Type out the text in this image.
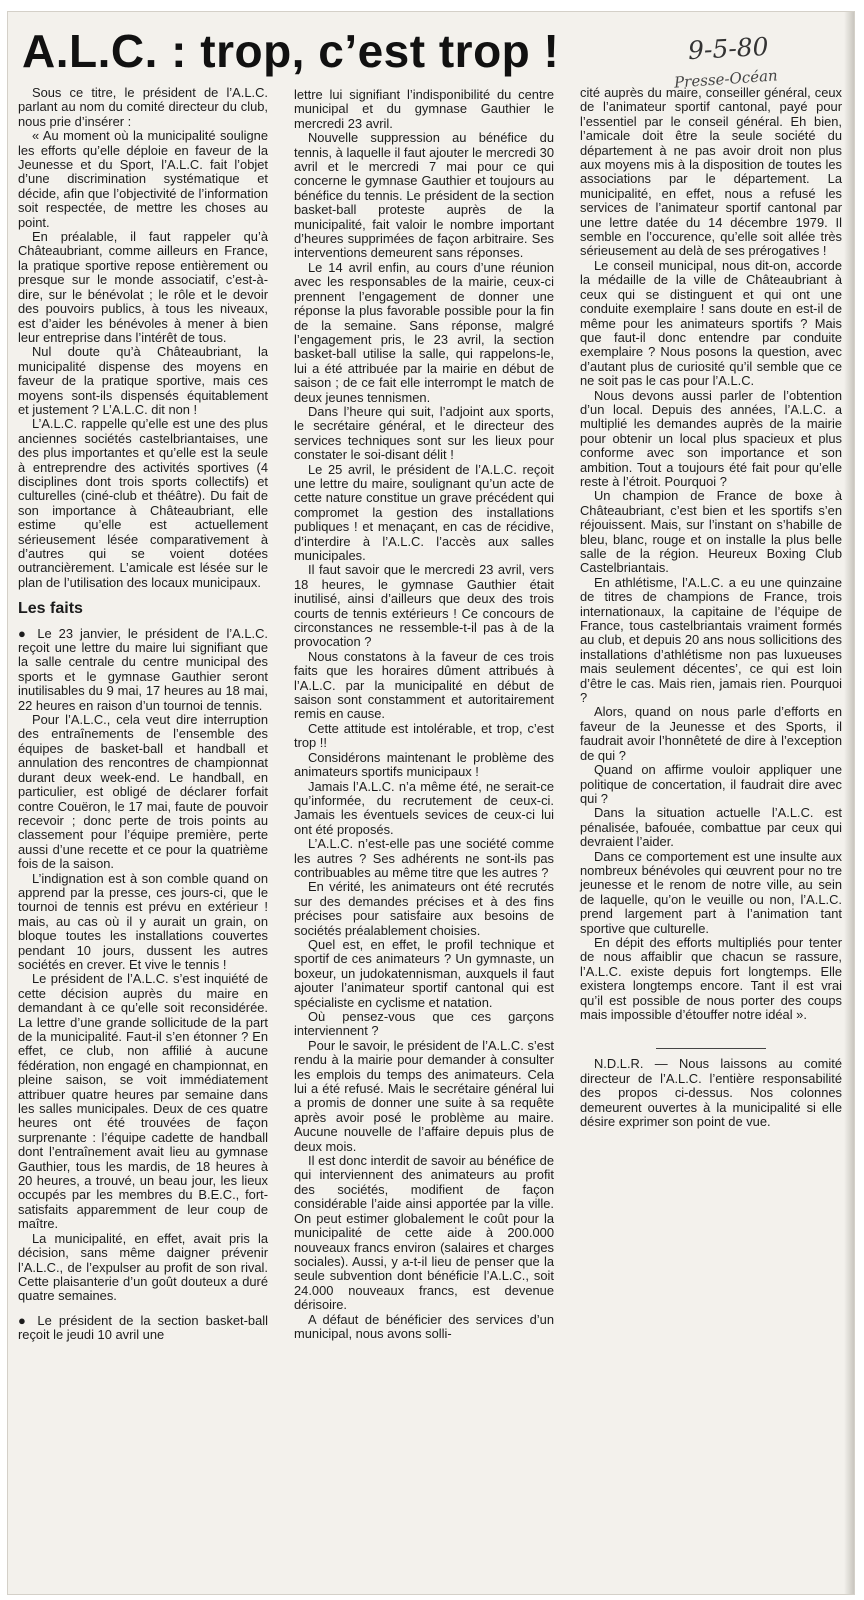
A.L.C. : trop, c’est trop !	9-5-80
Presse-Océan

Sous ce titre, le président de l’A.L.C. parlant au nom du comité directeur du club, nous prie d’insérer :

« Au moment où la municipalité souligne les efforts qu’elle déploie en faveur de la Jeunesse et du Sport, l’A.L.C. fait l’objet d’une discrimination systématique et décide, afin que l’objectivité de l’information soit respectée, de mettre les choses au point.

En préalable, il faut rappeler qu’à Châteaubriant, comme ailleurs en France, la pratique sportive repose entièrement ou presque sur le monde associatif, c’est-à-dire, sur le bénévolat ; le rôle et le devoir des pouvoirs publics, à tous les niveaux, est d’aider les bénévoles à mener à bien leur entreprise dans l’intérêt de tous.

Nul doute qu’à Châteaubriant, la municipalité dispense des moyens en faveur de la pratique sportive, mais ces moyens sont-ils dispensés équitablement et justement ? L’A.L.C. dit non !

L’A.L.C. rappelle qu’elle est une des plus anciennes sociétés castelbriantaises, une des plus importantes et qu’elle est la seule à entreprendre des activités sportives (4 disciplines dont trois sports collectifs) et culturelles (ciné-club et théâtre). Du fait de son importance à Châteaubriant, elle estime qu’elle est actuellement sérieusement lésée comparativement à d’autres qui se voient dotées outrancièrement. L’amicale est lésée sur le plan de l’utilisation des locaux municipaux.

Les faits

● Le 23 janvier, le président de l’A.L.C. reçoit une lettre du maire lui signifiant que la salle centrale du centre municipal des sports et le gymnase Gauthier seront inutilisables du 9 mai, 17 heures au 18 mai, 22 heures en raison d’un tournoi de tennis.

Pour l’A.L.C., cela veut dire interruption des entraînements de l’ensemble des équipes de basket-ball et handball et annulation des rencontres de championnat durant deux week-end. Le handball, en particulier, est obligé de déclarer forfait contre Couëron, le 17 mai, faute de pouvoir recevoir ; donc perte de trois points au classement pour l’équipe première, perte aussi d’une recette et ce pour la quatrième fois de la saison.

L’indignation est à son comble quand on apprend par la presse, ces jours-ci, que le tournoi de tennis est prévu en extérieur ! mais, au cas où il y aurait un grain, on bloque toutes les installations couvertes pendant 10 jours, dussent les autres sociétés en crever. Et vive le tennis !

Le président de l’A.L.C. s’est inquiété de cette décision auprès du maire en demandant à ce qu’elle soit reconsidérée. La lettre d’une grande sollicitude de la part de la municipalité. Faut-il s’en étonner ? En effet, ce club, non affilié à aucune fédération, non engagé en championnat, en pleine saison, se voit immédiatement attribuer quatre heures par semaine dans les salles municipales. Deux de ces quatre heures ont été trouvées de façon surprenante : l’équipe cadette de handball dont l’entraînement avait lieu au gymnase Gauthier, tous les mardis, de 18 heures à 20 heures, a trouvé, un beau jour, les lieux occupés par les membres du B.E.C., fort-satisfaits apparemment de leur coup de maître.

La municipalité, en effet, avait pris la décision, sans même daigner prévenir l’A.L.C., de l’expulser au profit de son rival. Cette plaisanterie d’un goût douteux a duré quatre semaines.

● Le président de la section basket-ball reçoit le jeudi 10 avril une

lettre lui signifiant l’indisponibilité du centre municipal et du gymnase Gauthier le mercredi 23 avril.

Nouvelle suppression au bénéfice du tennis, à laquelle il faut ajouter le mercredi 30 avril et le mercredi 7 mai pour ce qui concerne le gymnase Gauthier et toujours au bénéfice du tennis. Le président de la section basket-ball proteste auprès de la municipalité, fait valoir le nombre important d’heures supprimées de façon arbitraire. Ses interventions demeurent sans réponses.

Le 14 avril enfin, au cours d’une réunion avec les responsables de la mairie, ceux-ci prennent l’engagement de donner une réponse la plus favorable possible pour la fin de la semaine. Sans réponse, malgré l’engagement pris, le 23 avril, la section basket-ball utilise la salle, qui rappelons-le, lui a été attribuée par la mairie en début de saison ; de ce fait elle interrompt le match de deux jeunes tennismen.

Dans l’heure qui suit, l’adjoint aux sports, le secrétaire général, et le directeur des services techniques sont sur les lieux pour constater le soi-disant délit !

Le 25 avril, le président de l’A.L.C. reçoit une lettre du maire, soulignant qu’un acte de cette nature constitue un grave précédent qui compromet la gestion des installations publiques ! et menaçant, en cas de récidive, d’interdire à l’A.L.C. l’accès aux salles municipales.

Il faut savoir que le mercredi 23 avril, vers 18 heures, le gymnase Gauthier était inutilisé, ainsi d’ailleurs que deux des trois courts de tennis extérieurs ! Ce concours de circonstances ne ressemble-t-il pas à de la provocation ?

Nous constatons à la faveur de ces trois faits que les horaires dûment attribués à l’A.L.C. par la municipalité en début de saison sont constamment et autoritairement remis en cause.

Cette attitude est intolérable, et trop, c’est trop !!

Considérons maintenant le problème des animateurs sportifs municipaux !

Jamais l’A.L.C. n’a même été, ne serait-ce qu’informée, du recrutement de ceux-ci. Jamais les éventuels sevices de ceux-ci lui ont été proposés.

L’A.L.C. n’est-elle pas une société comme les autres ? Ses adhérents ne sont-ils pas contribuables au même titre que les autres ?

En vérité, les animateurs ont été recrutés sur des demandes précises et à des fins précises pour satisfaire aux besoins de sociétés préalablement choisies.

Quel est, en effet, le profil technique et sportif de ces animateurs ? Un gymnaste, un boxeur, un judokatennisman, auxquels il faut ajouter l’animateur sportif cantonal qui est spécialiste en cyclisme et natation.

Où pensez-vous que ces garçons interviennent ?

Pour le savoir, le président de l’A.L.C. s’est rendu à la mairie pour demander à consulter les emplois du temps des animateurs. Cela lui a été refusé. Mais le secrétaire général lui a promis de donner une suite à sa requête après avoir posé le problème au maire. Aucune nouvelle de l’affaire depuis plus de deux mois.

Il est donc interdit de savoir au bénéfice de qui interviennent des animateurs au profit des sociétés, modifient de façon considérable l’aide ainsi apportée par la ville. On peut estimer globalement le coût pour la municipalité de cette aide à 200.000 nouveaux francs environ (salaires et charges sociales). Aussi, y a-t-il lieu de penser que la seule subvention dont bénéficie l’A.L.C., soit 24.000 nouveaux francs, est devenue dérisoire.

A défaut de bénéficier des services d’un municipal, nous avons solli-

cité auprès du maire, conseiller général, ceux de l’animateur sportif cantonal, payé pour l’essentiel par le conseil général. Eh bien, l’amicale doit être la seule société du département à ne pas avoir droit non plus aux moyens mis à la disposition de toutes les associations par le département. La municipalité, en effet, nous a refusé les services de l’animateur sportif cantonal par une lettre datée du 14 décembre 1979. Il semble en l’occurence, qu’elle soit allée très sérieusement au delà de ses prérogatives !

Le conseil municipal, nous dit-on, accorde la médaille de la ville de Châteaubriant à ceux qui se distinguent et qui ont une conduite exemplaire ! sans doute en est-il de même pour les animateurs sportifs ? Mais que faut-il donc entendre par conduite exemplaire ? Nous posons la question, avec d’autant plus de curiosité qu’il semble que ce ne soit pas le cas pour l’A.L.C.

Nous devons aussi parler de l’obtention d’un local. Depuis des années, l’A.L.C. a multiplié les demandes auprès de la mairie pour obtenir un local plus spacieux et plus conforme avec son importance et son ambition. Tout a toujours été fait pour qu’elle reste à l’étroit. Pourquoi ?

Un champion de France de boxe à Châteaubriant, c’est bien et les sportifs s’en réjouissent. Mais, sur l’instant on s’habille de bleu, blanc, rouge et on installe la plus belle salle de la région. Heureux Boxing Club Castelbriantais.

En athlétisme, l’A.L.C. a eu une quinzaine de titres de champions de France, trois internationaux, la capitaine de l’équipe de France, tous castelbriantais vraiment formés au club, et depuis 20 ans nous sollicitions des installations d’athlétisme non pas luxueuses mais seulement décentes’, ce qui est loin d’être le cas. Mais rien, jamais rien. Pourquoi ?

Alors, quand on nous parle d’efforts en faveur de la Jeunesse et des Sports, il faudrait avoir l’honnêteté de dire à l’exception de qui ?

Quand on affirme vouloir appliquer une politique de concertation, il faudrait dire avec qui ?

Dans la situation actuelle l’A.L.C. est pénalisée, bafouée, combattue par ceux qui devraient l’aider.

Dans ce comportement est une insulte aux nombreux bénévoles qui œuvrent pour no tre jeunesse et le renom de notre ville, au sein de laquelle, qu’on le veuille ou non, l’A.L.C. prend largement part à l’animation tant sportive que culturelle.

En dépit des efforts multipliés pour tenter de nous affaiblir que chacun se rassure, l’A.L.C. existe depuis fort longtemps. Elle existera longtemps encore. Tant il est vrai qu’il est possible de nous porter des coups mais impossible d’étouffer notre idéal ».

N.D.L.R. — Nous laissons au comité directeur de l’A.L.C. l’entière responsabilité des propos ci-dessus. Nos colonnes demeurent ouvertes à la municipalité si elle désire exprimer son point de vue.
